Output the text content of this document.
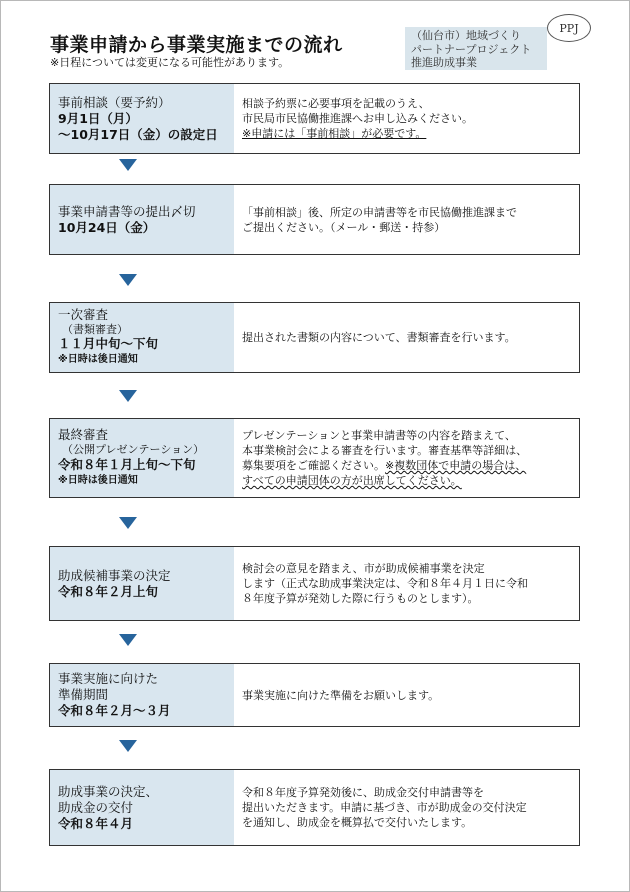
事業申請から事業実施までの流れ
※日程については変更になる可能性があります。
（仙台市）地域づくり
パートナープロジェクト
推進助成事業
PPJ
事前相談（要予約）
9月1日（月）
～10月17日（金）の設定日
相談予約票に必要事項を記載のうえ、
市民局市民協働推進課へお申し込みください。
※申請には「事前相談」が必要です。
事業申請書等の提出〆切
10月24日（金）
「事前相談」後、所定の申請書等を市民協働推進課まで
ご提出ください。（メール・郵送・持参）
一次審査
（書類審査）
１１月中旬～下旬
※日時は後日通知
提出された書類の内容について、書類審査を行います。
最終審査
（公開プレゼンテーション）
令和８年１月上旬～下旬
※日時は後日通知
プレゼンテーションと事業申請書等の内容を踏まえて、
本事業検討会による審査を行います。審査基準等詳細は、
募集要項をご確認ください。※複数団体で申請の場合は、
すべての申請団体の方が出席してください。
助成候補事業の決定
令和８年２月上旬
検討会の意見を踏まえ、市が助成候補事業を決定
します（正式な助成事業決定は、令和８年４月１日に令和
８年度予算が発効した際に行うものとします）。
事業実施に向けた
準備期間
令和８年２月～３月
事業実施に向けた準備をお願いします。
助成事業の決定、
助成金の交付
令和８年４月
令和８年度予算発効後に、助成金交付申請書等を
提出いただきます。申請に基づき、市が助成金の交付決定
を通知し、助成金を概算払で交付いたします。
